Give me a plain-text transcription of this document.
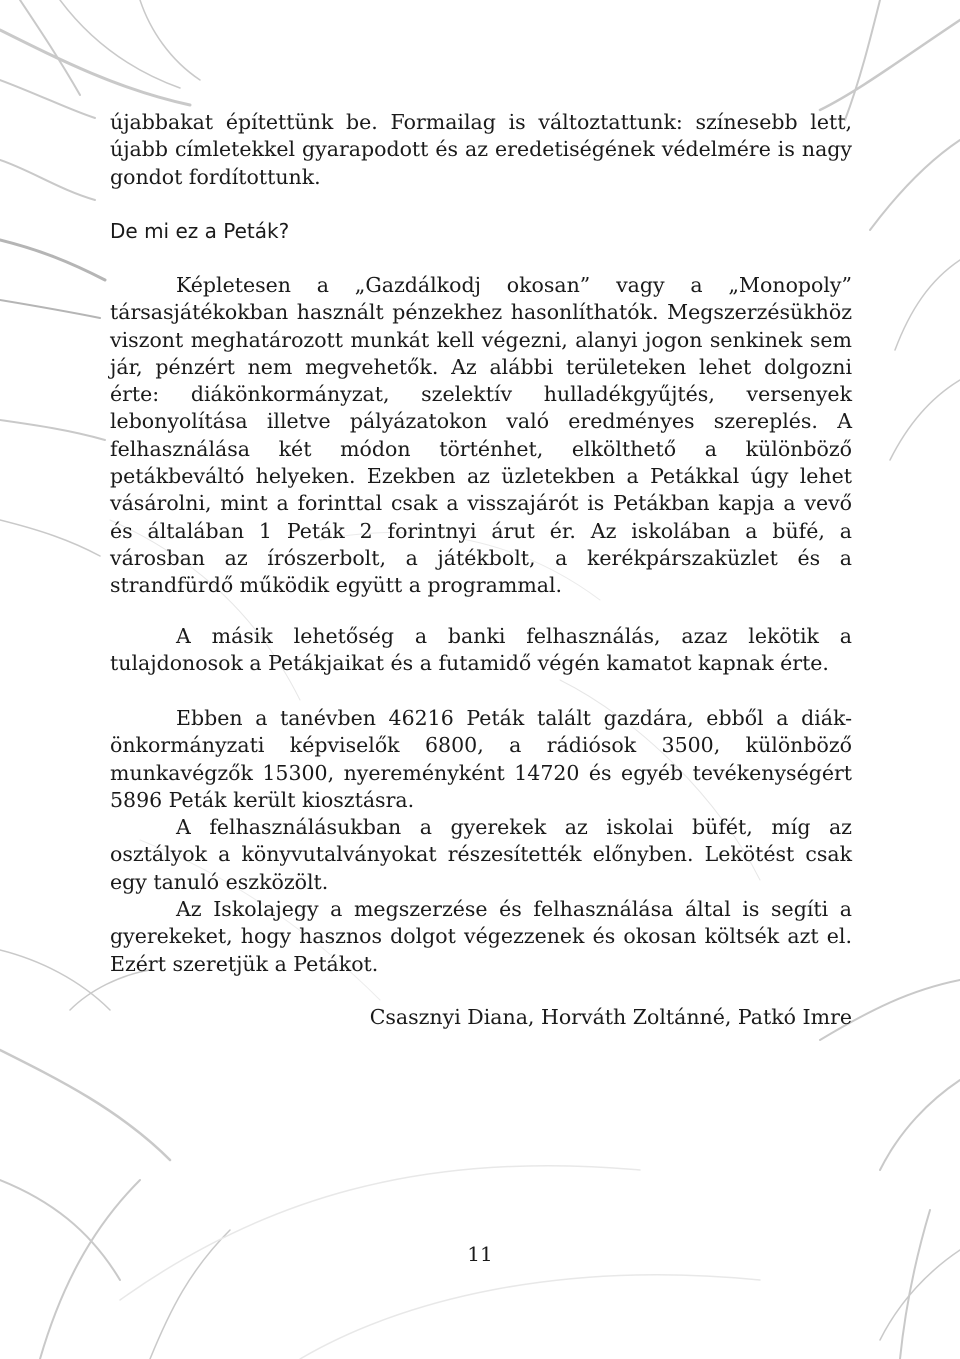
újabbakat építettünk be. Formailag is változtattunk: színesebb lett, újabb címletekkel gyarapodott és az eredetiségének védelmére is nagy gondot fordítottunk.

De mi ez a Peták?

Képletesen a „Gazdálkodj okosan” vagy a „Monopoly” társasjátékokban használt pénzekhez hasonlíthatók. Megszerzésükhöz viszont meghatározott munkát kell végezni, alanyi jogon senkinek sem jár, pénzért nem megvehetők. Az alábbi területeken lehet dolgozni érte: diákönkormányzat, szelektív hulladékgyűjtés, versenyek lebonyolítása illetve pályázatokon való eredményes szereplés. A felhasználása két módon történhet, elkölthető a különböző petákbeváltó helyeken. Ezekben az üzletekben a Petákkal úgy lehet vásárolni, mint a forinttal csak a visszajárót is Petákban kapja a vevő és általában 1 Peták 2 forintnyi árut ér. Az iskolában a büfé, a városban az írószerbolt, a játékbolt, a kerékpárszaküzlet és a strandfürdő működik együtt a programmal.

A másik lehetőség a banki felhasználás, azaz lekötik a tulajdonosok a Petákjaikat és a futamidő végén kamatot kapnak érte.

Ebben a tanévben 46216 Peták talált gazdára, ebből a diák-önkormányzati képviselők 6800, a rádiósok 3500, különböző munkavégzők 15300, nyereményként 14720 és egyéb tevékenységért 5896 Peták került kiosztásra.

A felhasználásukban a gyerekek az iskolai büfét, míg az osztályok a könyvutalványokat részesítették előnyben. Lekötést csak egy tanuló eszközölt.

Az Iskolajegy a megszerzése és felhasználása által is segíti a gyerekeket, hogy hasznos dolgot végezzenek és okosan költsék azt el. Ezért szeretjük a Petákot.

Csasznyi Diana, Horváth Zoltánné, Patkó Imre

11
